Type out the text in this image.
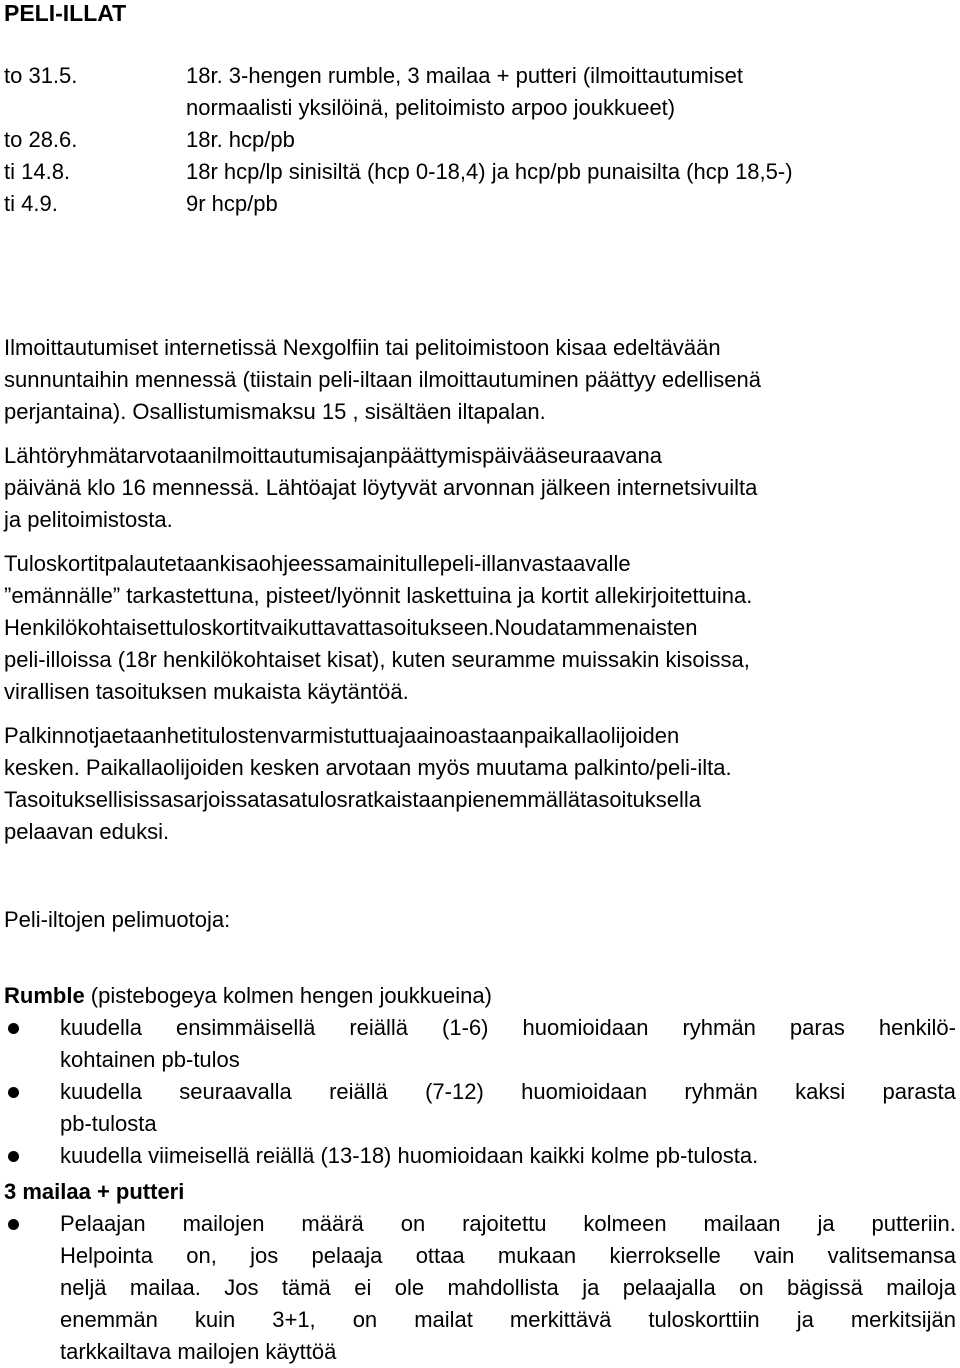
PELI-ILLAT
to 31.5.	18r. 3-hengen rumble, 3 mailaa + putteri (ilmoittautumiset
normaalisti yksilöinä, pelitoimisto arpoo joukkueet)
to 28.6.	18r. hcp/pb
ti 14.8.	18r hcp/lp sinisiltä (hcp 0-18,4) ja hcp/pb punaisilta (hcp 18,5-)
ti 4.9.	9r hcp/pb
Ilmoittautumiset internetissä Nexgolfiin tai pelitoimistoon kisaa edeltävään
sunnuntaihin mennessä (tiistain peli-iltaan ilmoittautuminen päättyy edellisenä
perjantaina). Osallistumismaksu 15 , sisältäen iltapalan.
Lähtöryhmätarvotaanilmoittautumisajanpäättymispäivääseuraavana
päivänä klo 16 mennessä. Lähtöajat löytyvät arvonnan jälkeen internetsivuilta
ja pelitoimistosta.
Tuloskortitpalautetaankisaohjeessamainitullepeli-illanvastaavalle
”emännälle” tarkastettuna, pisteet/lyönnit laskettuina ja kortit allekirjoitettuina.
Henkilökohtaisettuloskortitvaikuttavattasoitukseen.Noudatammenaisten
peli-illoissa (18r henkilökohtaiset kisat), kuten seuramme muissakin kisoissa,
virallisen tasoituksen mukaista käytäntöä.
Palkinnotjaetaanhetitulostenvarmistuttuajaainoastaanpaikallaolijoiden
kesken. Paikallaolijoiden kesken arvotaan myös muutama palkinto/peli-ilta.
Tasoituksellisissasarjoissatasatulosratkaistaanpienemmällätasoituksella
pelaavan eduksi.
Peli-iltojen pelimuotoja:
Rumble (pistebogeya kolmen hengen joukkueina)
kuudella ensimmäisellä reiällä (1-6) huomioidaan ryhmän paras henkilö-
kohtainen pb-tulos
kuudella seuraavalla reiällä (7-12) huomioidaan ryhmän kaksi parasta
pb-tulosta
kuudella viimeisellä reiällä (13-18) huomioidaan kaikki kolme pb-tulosta.
3 mailaa + putteri
Pelaajan mailojen määrä on rajoitettu kolmeen mailaan ja putteriin.
Helpointa on, jos pelaaja ottaa mukaan kierrokselle vain valitsemansa
neljä mailaa. Jos tämä ei ole mahdollista ja pelaajalla on bägissä mailoja
enemmän kuin 3+1, on mailat merkittävä tuloskorttiin ja merkitsijän
tarkkailtava mailojen käyttöä
